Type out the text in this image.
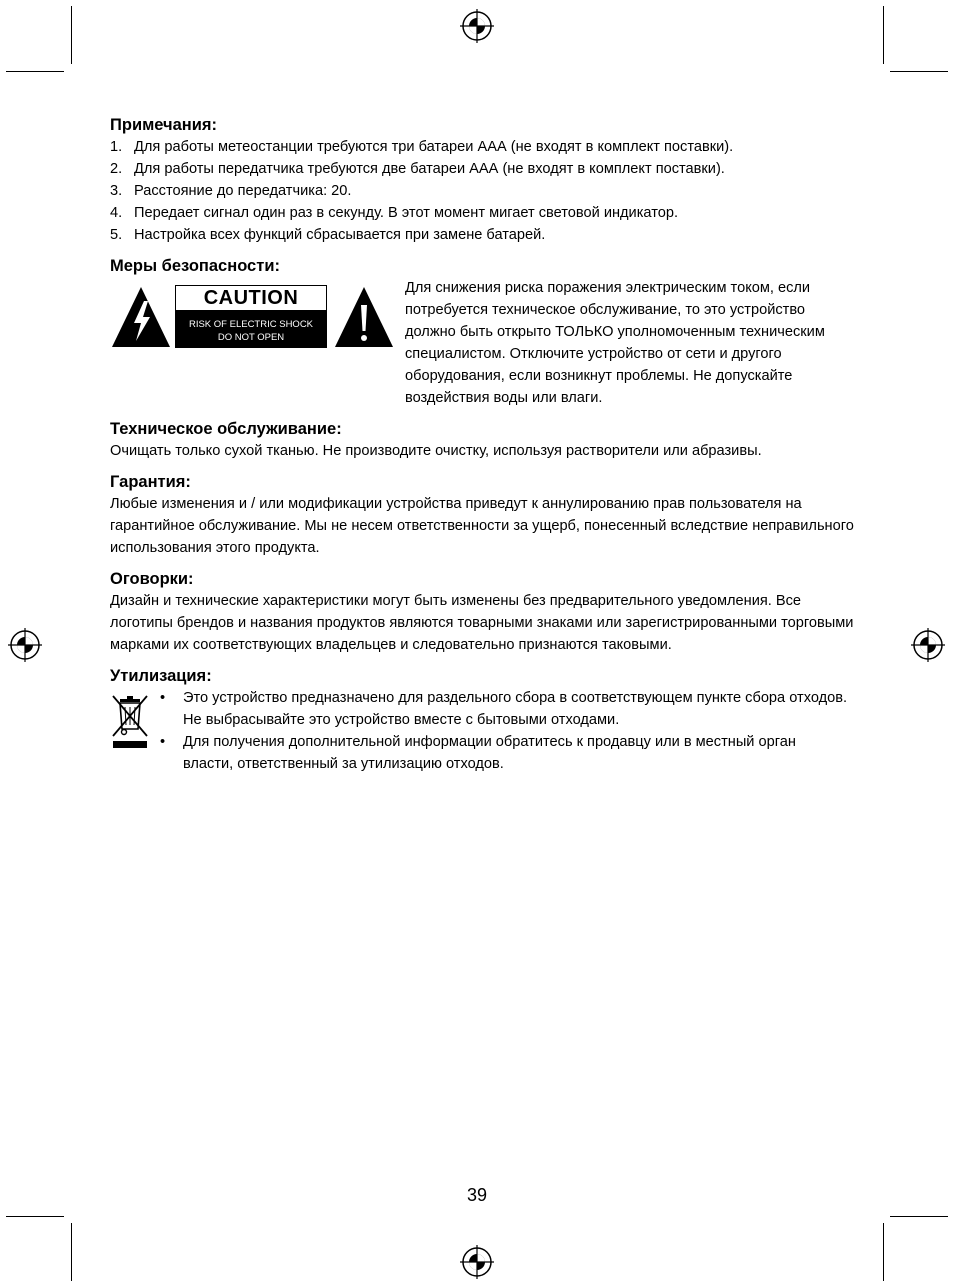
Примечания:
1. Для работы метеостанции требуются три батареи ААА (не входят в комплект поставки).
2. Для работы передатчика требуются две батареи ААА (не входят в комплект поставки).
3. Расстояние до передатчика: 20.
4. Передает сигнал один раз в секунду. В этот момент мигает световой индикатор.
5. Настройка всех функций сбрасывается при замене батарей.
Меры безопасности:
CAUTION
RISK OF ELECTRIC SHOCK
DO NOT OPEN

Для снижения риска поражения электрическим током, если потребуется техническое обслуживание, то это устройство должно быть открыто ТОЛЬКО уполномоченным техническим специалистом. Отключите устройство от сети и другого оборудования, если возникнут проблемы. Не допускайте воздействия воды или влаги.

Техническое обслуживание:

Очищать только сухой тканью. Не производите очистку, используя растворители или абразивы.

Гарантия:

Любые изменения и / или модификации устройства приведут к аннулированию прав пользователя на гарантийное обслуживание. Мы не несем ответственности за ущерб, понесенный вследствие неправильного использования этого продукта.

Оговорки:

Дизайн и технические характеристики могут быть изменены без предварительного уведомления. Все логотипы брендов и названия продуктов являются товарными знаками или зарегистрированными торговыми марками их соответствующих владельцев и следовательно признаются таковыми.

Утилизация:
• Это устройство предназначено для раздельного сбора в соответствующем пункте сбора отходов. Не выбрасывайте это устройство вместе с бытовыми отходами.
• Для получения дополнительной информации обратитесь к продавцу или в местный орган власти, ответственный за утилизацию отходов.
39
